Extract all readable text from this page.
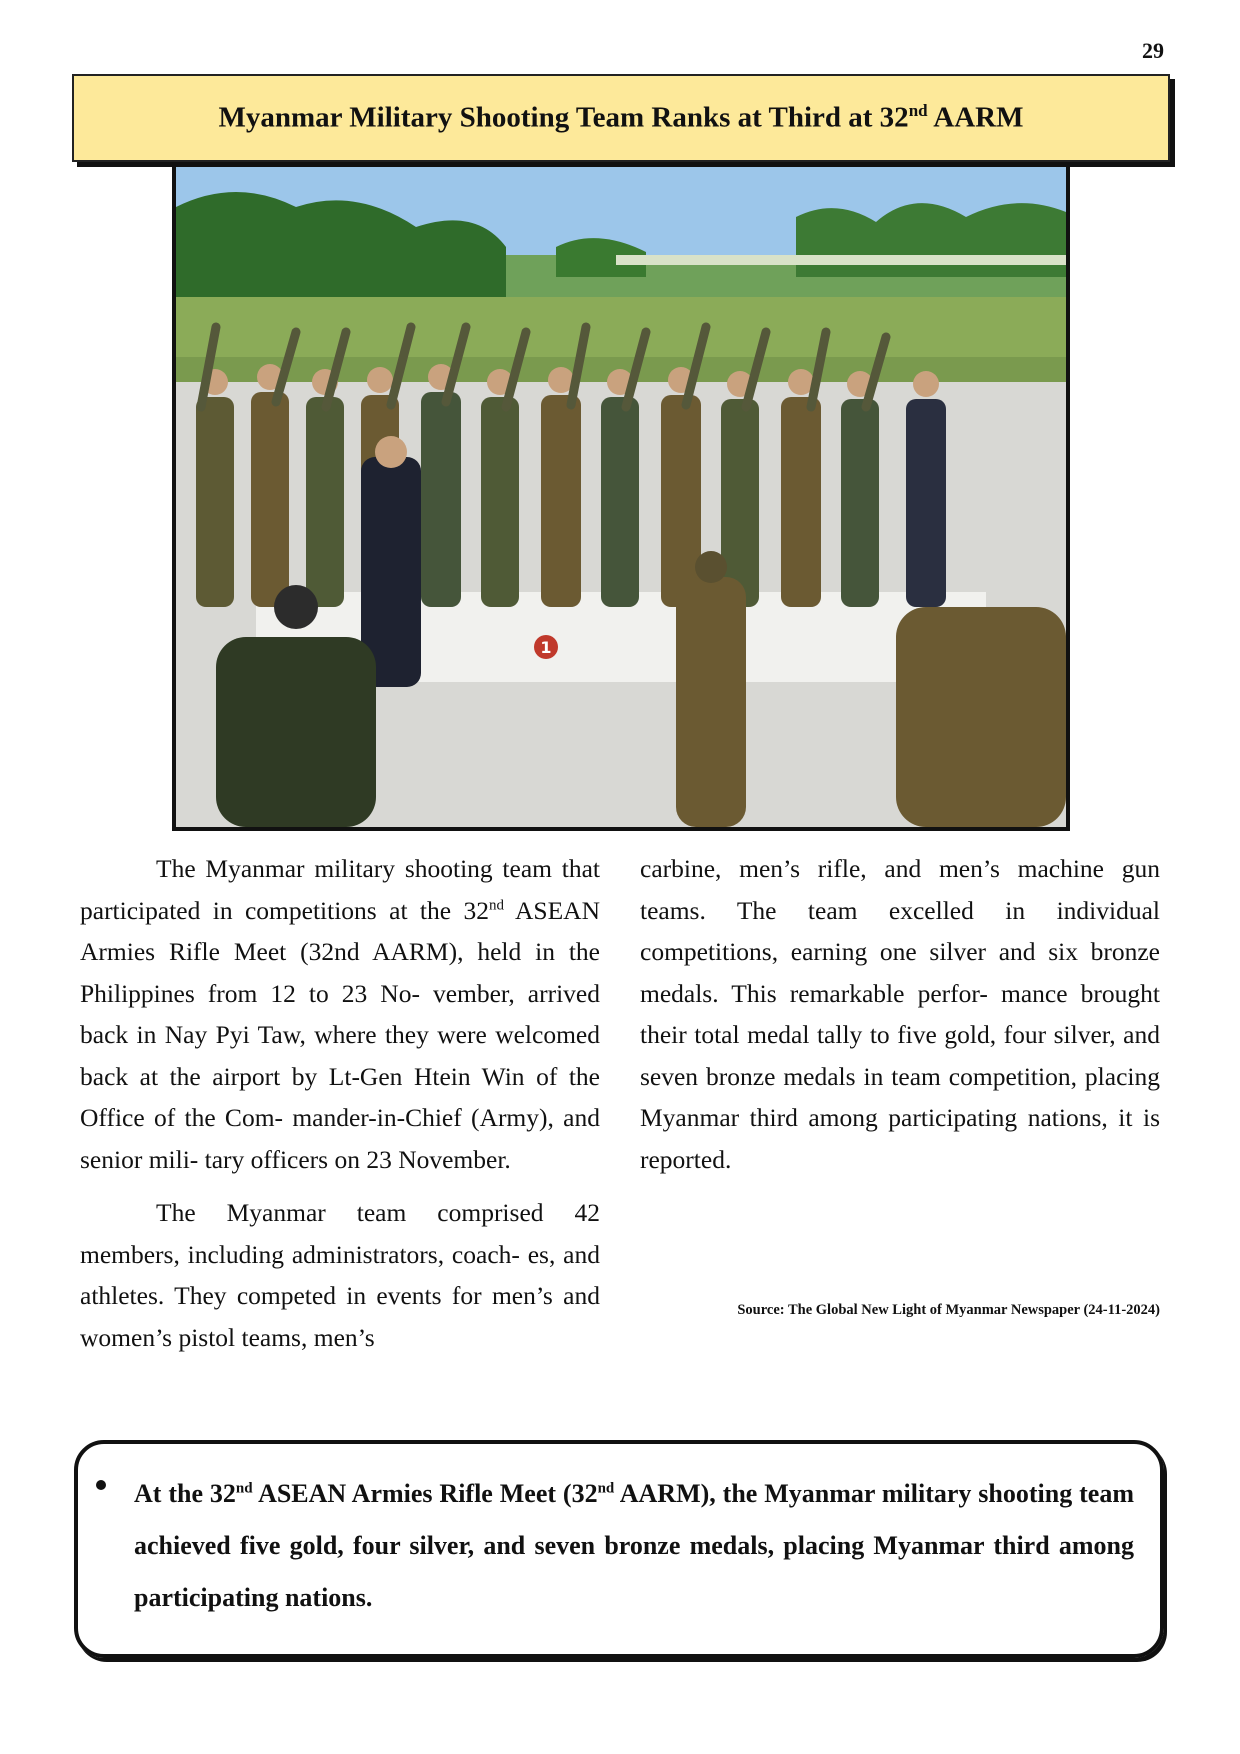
29
Myanmar Military Shooting Team Ranks at Third at 32nd AARM
1

The Myanmar military shooting team that participated in competitions at the 32nd ASEAN Armies Rifle Meet (32nd AARM), held in the Philippines from 12 to 23 No- vember, arrived back in Nay Pyi Taw, where they were welcomed back at the airport by Lt-Gen Htein Win of the Office of the Com- mander-in-Chief (Army), and senior mili- tary officers on 23 November.

The Myanmar team comprised 42 members, including administrators, coach- es, and athletes. They competed in events for men’s and women’s pistol teams, men’s

carbine, men’s rifle, and men’s machine gun teams. The team excelled in individual competitions, earning one silver and six bronze medals. This remarkable perfor- mance brought their total medal tally to five gold, four silver, and seven bronze medals in team competition, placing Myanmar third among participating nations, it is reported.

Source: The Global New Light of Myanmar Newspaper (24-11-2024)
At the 32nd ASEAN Armies Rifle Meet (32nd AARM), the Myanmar military shooting team achieved five gold, four silver, and seven bronze medals, placing Myanmar third among participating nations.
